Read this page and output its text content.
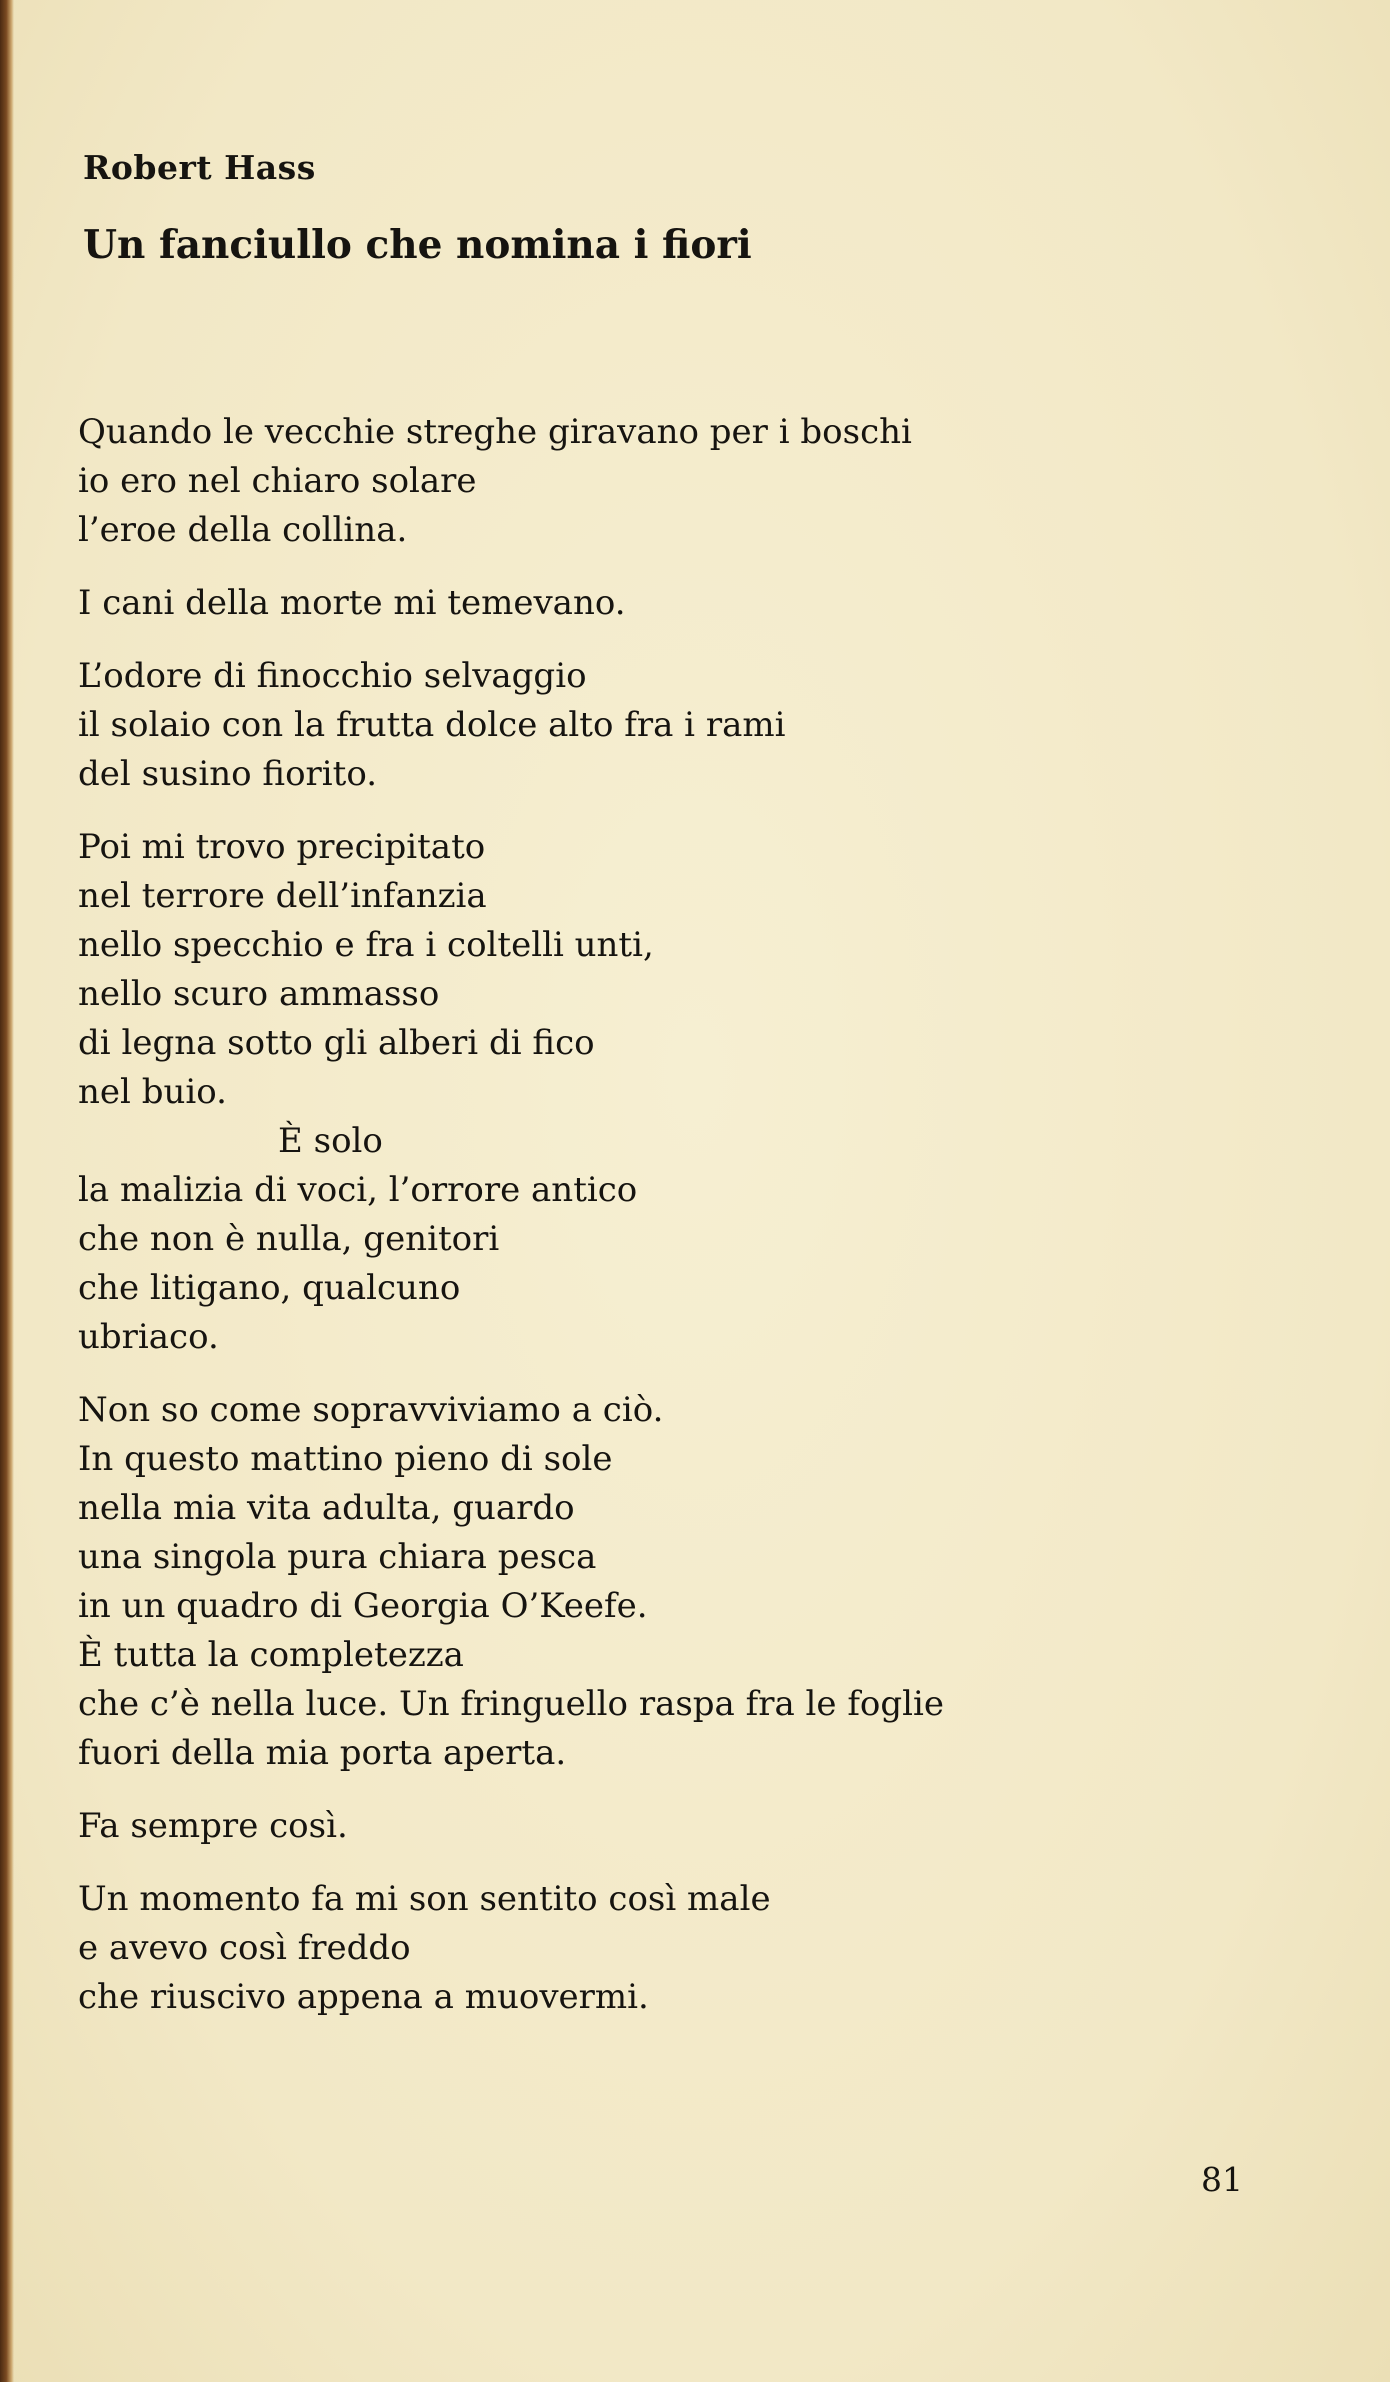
Robert Hass

Un fanciullo che nomina i fiori
Quando le vecchie streghe giravano per i boschi
io ero nel chiaro solare
l’eroe della collina.
I cani della morte mi temevano.
L’odore di finocchio selvaggio
il solaio con la frutta dolce alto fra i rami
del susino fiorito.
Poi mi trovo precipitato
nel terrore dell’infanzia
nello specchio e fra i coltelli unti,
nello scuro ammasso
di legna sotto gli alberi di fico
nel buio.
È solo
la malizia di voci, l’orrore antico
che non è nulla, genitori
che litigano, qualcuno
ubriaco.
Non so come sopravviviamo a ciò.
In questo mattino pieno di sole
nella mia vita adulta, guardo
una singola pura chiara pesca
in un quadro di Georgia O’Keefe.
È tutta la completezza
che c’è nella luce. Un fringuello raspa fra le foglie
fuori della mia porta aperta.
Fa sempre così.
Un momento fa mi son sentito così male
e avevo così freddo
che riuscivo appena a muovermi.

81
